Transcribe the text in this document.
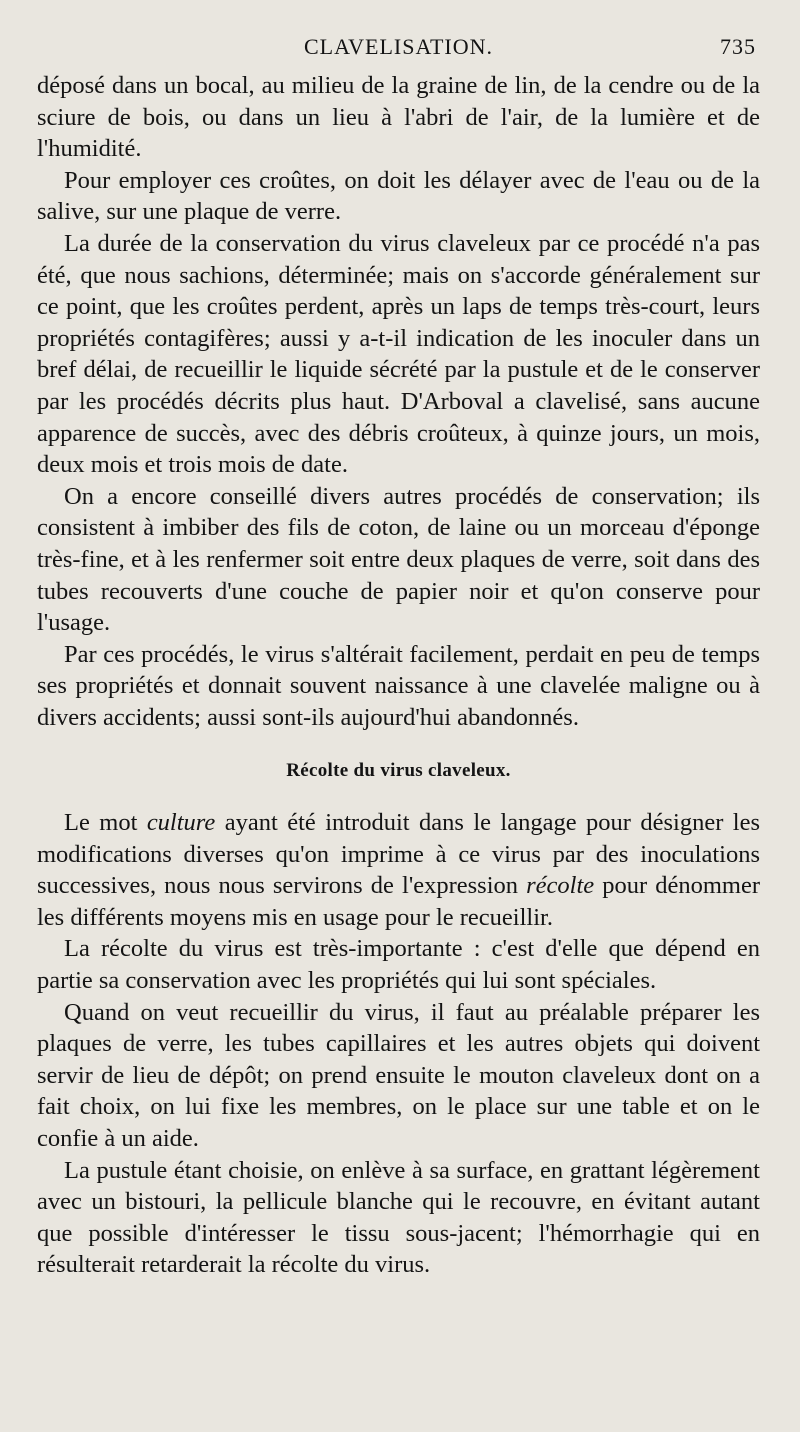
CLAVELISATION.	735

déposé dans un bocal, au milieu de la graine de lin, de la cendre ou de la sciure de bois, ou dans un lieu à l'abri de l'air, de la lumière et de l'humidité.

Pour employer ces croûtes, on doit les délayer avec de l'eau ou de la salive, sur une plaque de verre.

La durée de la conservation du virus claveleux par ce procédé n'a pas été, que nous sachions, déterminée; mais on s'accorde généralement sur ce point, que les croûtes perdent, après un laps de temps très-court, leurs propriétés contagifères; aussi y a-t-il indication de les inoculer dans un bref délai, de recueillir le liquide sécrété par la pustule et de le conserver par les procédés décrits plus haut. D'Arboval a clavelisé, sans aucune apparence de succès, avec des débris croûteux, à quinze jours, un mois, deux mois et trois mois de date.

On a encore conseillé divers autres procédés de conservation; ils consistent à imbiber des fils de coton, de laine ou un morceau d'éponge très-fine, et à les renfermer soit entre deux plaques de verre, soit dans des tubes recouverts d'une couche de papier noir et qu'on conserve pour l'usage.

Par ces procédés, le virus s'altérait facilement, perdait en peu de temps ses propriétés et donnait souvent naissance à une clavelée maligne ou à divers accidents; aussi sont-ils aujourd'hui abandonnés.

Récolte du virus claveleux.

Le mot culture ayant été introduit dans le langage pour désigner les modifications diverses qu'on imprime à ce virus par des inoculations successives, nous nous servirons de l'expression récolte pour dénommer les différents moyens mis en usage pour le recueillir.

La récolte du virus est très-importante : c'est d'elle que dépend en partie sa conservation avec les propriétés qui lui sont spéciales.

Quand on veut recueillir du virus, il faut au préalable préparer les plaques de verre, les tubes capillaires et les autres objets qui doivent servir de lieu de dépôt; on prend ensuite le mouton claveleux dont on a fait choix, on lui fixe les membres, on le place sur une table et on le confie à un aide.

La pustule étant choisie, on enlève à sa surface, en grattant légèrement avec un bistouri, la pellicule blanche qui le recouvre, en évitant autant que possible d'intéresser le tissu sous-jacent; l'hémorrhagie qui en résulterait retarderait la récolte du virus.
